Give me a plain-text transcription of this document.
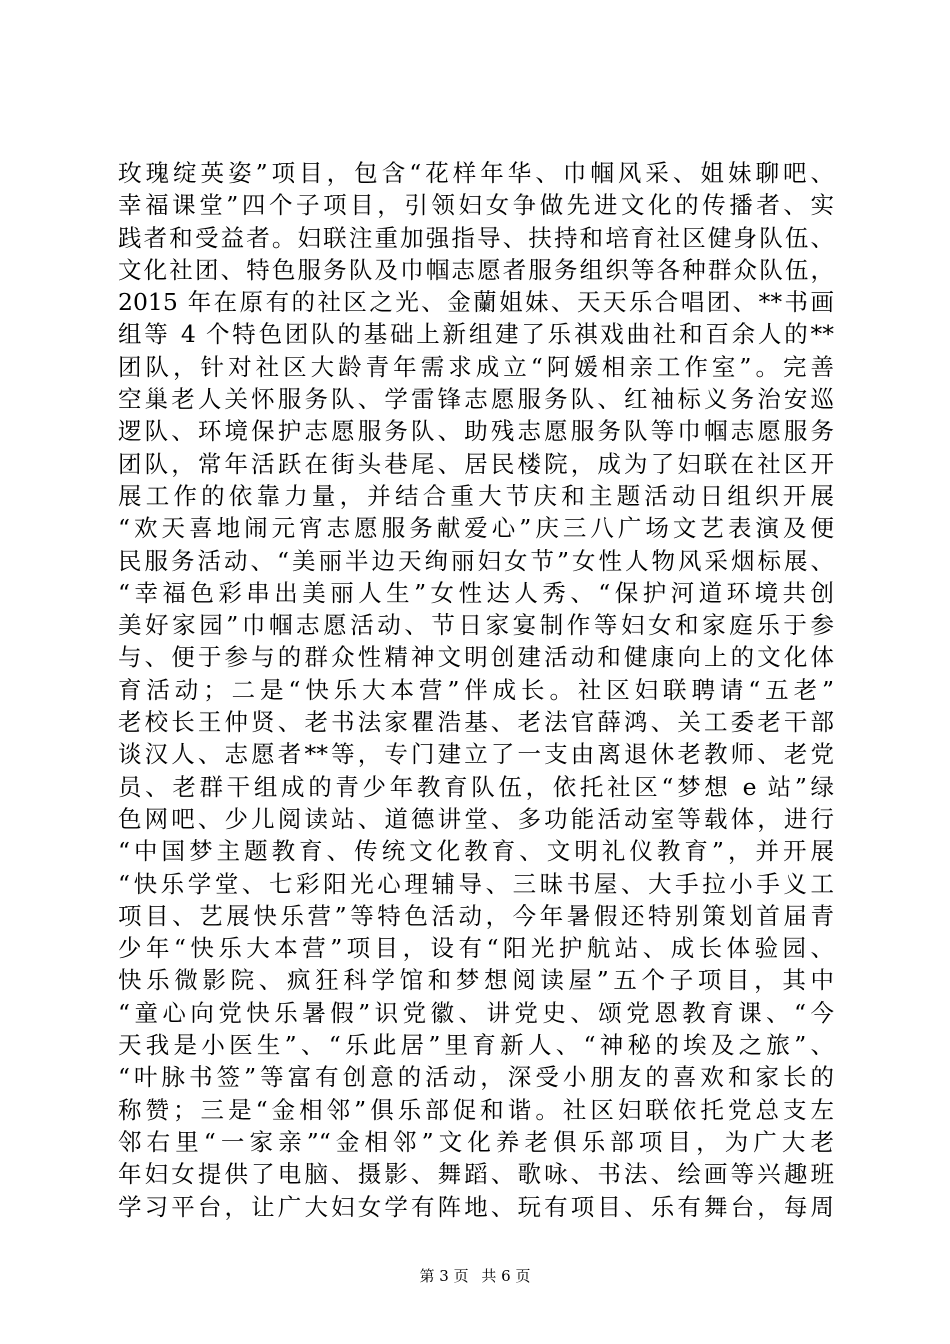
玫瑰绽英姿”项目，包含“花样年华、巾帼风采、姐妹聊吧、
幸福课堂”四个子项目，引领妇女争做先进文化的传播者、实
践者和受益者。妇联注重加强指导、扶持和培育社区健身队伍、
文化社团、特色服务队及巾帼志愿者服务组织等各种群众队伍，
2015 年在原有的社区之光、金蘭姐妹、天天乐合唱团、**书画
组等 4 个特色团队的基础上新组建了乐祺戏曲社和百余人的**
团队，针对社区大龄青年需求成立“阿媛相亲工作室”。完善
空巢老人关怀服务队、学雷锋志愿服务队、红袖标义务治安巡
逻队、环境保护志愿服务队、助残志愿服务队等巾帼志愿服务
团队，常年活跃在街头巷尾、居民楼院，成为了妇联在社区开
展工作的依靠力量，并结合重大节庆和主题活动日组织开展
“欢天喜地闹元宵志愿服务献爱心”庆三八广场文艺表演及便
民服务活动、“美丽半边天绚丽妇女节”女性人物风采烟标展、
“幸福色彩串出美丽人生”女性达人秀、“保护河道环境共创
美好家园”巾帼志愿活动、节日家宴制作等妇女和家庭乐于参
与、便于参与的群众性精神文明创建活动和健康向上的文化体
育活动；二是“快乐大本营”伴成长。社区妇联聘请“五老”
老校长王仲贤、老书法家瞿浩基、老法官薛鸿、关工委老干部
谈汉人、志愿者**等，专门建立了一支由离退休老教师、老党
员、老群干组成的青少年教育队伍，依托社区“梦想 e 站”绿
色网吧、少儿阅读站、道德讲堂、多功能活动室等载体，进行
“中国梦主题教育、传统文化教育、文明礼仪教育”，并开展
“快乐学堂、七彩阳光心理辅导、三昧书屋、大手拉小手义工
项目、艺展快乐营”等特色活动，今年暑假还特别策划首届青
少年“快乐大本营”项目，设有“阳光护航站、成长体验园、
快乐微影院、疯狂科学馆和梦想阅读屋”五个子项目，其中
“童心向党快乐暑假”识党徽、讲党史、颂党恩教育课、“今
天我是小医生”、“乐此居”里育新人、“神秘的埃及之旅”、
“叶脉书签”等富有创意的活动，深受小朋友的喜欢和家长的
称赞；三是“金相邻”俱乐部促和谐。社区妇联依托党总支左
邻右里“一家亲”“金相邻”文化养老俱乐部项目，为广大老
年妇女提供了电脑、摄影、舞蹈、歌咏、书法、绘画等兴趣班
学习平台，让广大妇女学有阵地、玩有项目、乐有舞台，每周
第 3 页 共 6 页
